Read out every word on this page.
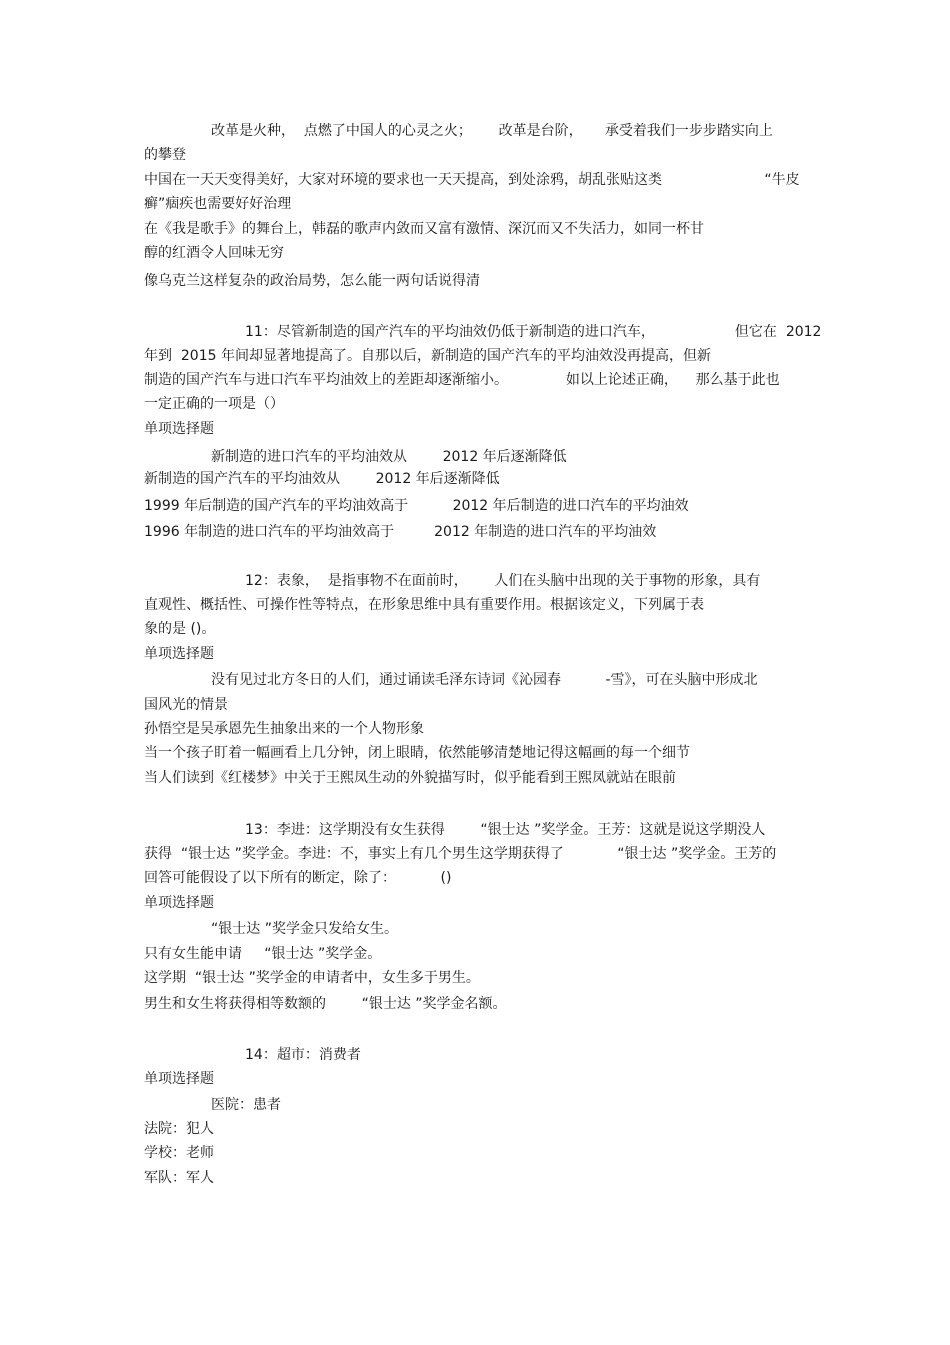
改革是火种，  点燃了中国人的心灵之火；      改革是台阶，     承受着我们一步步踏实向上

的攀登

中国在一天天变得美好，大家对环境的要求也一天天提高，到处涂鸦，胡乱张贴这类                       “牛皮

癣”痼疾也需要好好治理

在《我是歌手》的舞台上，韩磊的歌声内敛而又富有激情、深沉而又不失活力，如同一杯甘

醇的红酒令人回味无穷

像乌克兰这样复杂的政治局势，怎么能一两句话说得清

11：尽管新制造的国产汽车的平均油效仍低于新制造的进口汽车，                  但它在  2012

年到  2015 年间却显著地提高了。自那以后，新制造的国产汽车的平均油效没再提高，但新

制造的国产汽车与进口汽车平均油效上的差距却逐渐缩小。             如以上论述正确，    那么基于此也

一定正确的一项是（）

单项选择题

新制造的进口汽车的平均油效从        2012 年后逐渐降低

新制造的国产汽车的平均油效从        2012 年后逐渐降低

1999 年后制造的国产汽车的平均油效高于          2012 年后制造的进口汽车的平均油效

1996 年制造的进口汽车的平均油效高于         2012 年制造的进口汽车的平均油效

12：表象，  是指事物不在面前时，      人们在头脑中出现的关于事物的形象，具有

直观性、概括性、可操作性等特点，在形象思维中具有重要作用。根据该定义，下列属于表

象的是 ()。

单项选择题

没有见过北方冬日的人们，通过诵读毛泽东诗词《沁园春          -雪》，可在头脑中形成北

国风光的情景

孙悟空是吴承恩先生抽象出来的一个人物形象

当一个孩子盯着一幅画看上几分钟，闭上眼睛，依然能够清楚地记得这幅画的每一个细节

当人们读到《红楼梦》中关于王熙凤生动的外貌描写时，似乎能看到王熙凤就站在眼前

13：李进：这学期没有女生获得        “银士达 ”奖学金。王芳：这就是说这学期没人

获得  “银士达 ”奖学金。李进：不，事实上有几个男生这学期获得了            “银士达 ”奖学金。王芳的

回答可能假设了以下所有的断定，除了：          ()

单项选择题

“银士达 ”奖学金只发给女生。

只有女生能申请     “银士达 ”奖学金。

这学期  “银士达 ”奖学金的申请者中，女生多于男生。

男生和女生将获得相等数额的        “银士达 ”奖学金名额。

14：超市：消费者

单项选择题

医院：患者

法院：犯人

学校：老师

军队：军人
